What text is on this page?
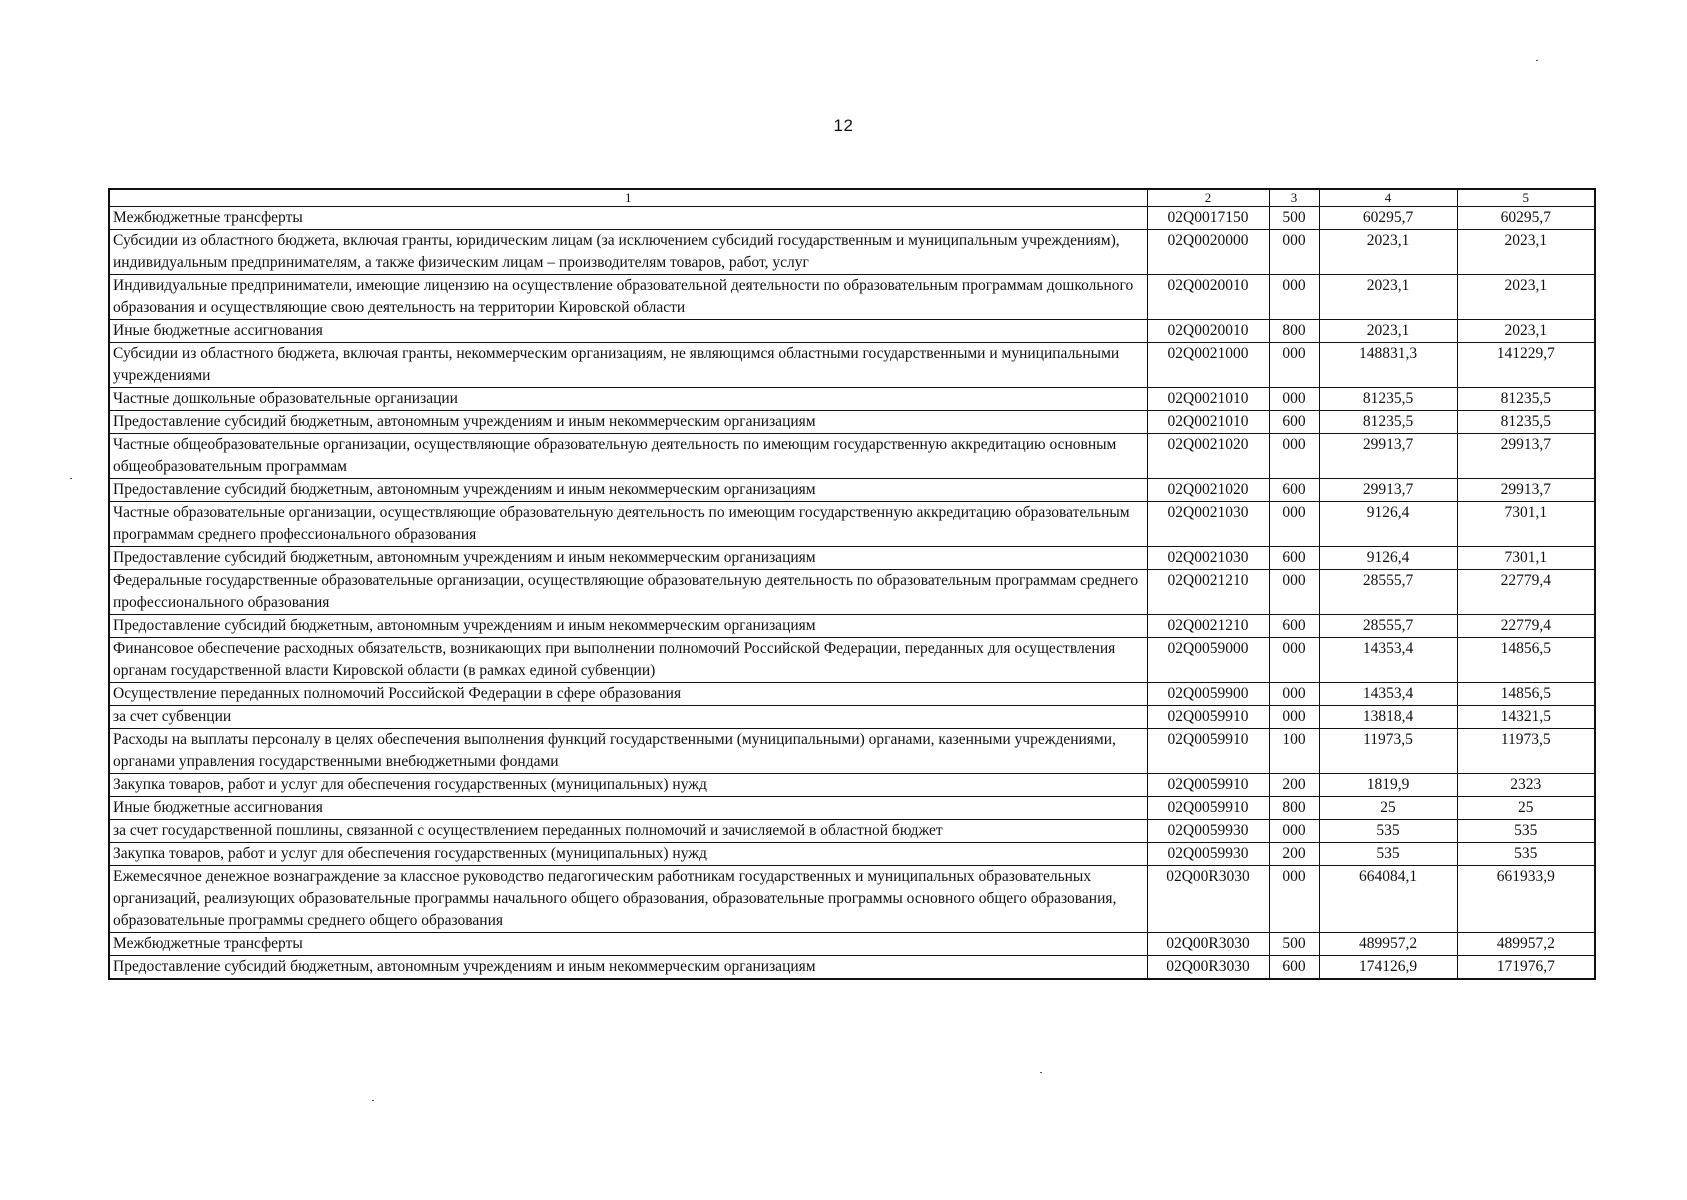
12
1	2	3	4	5
Межбюджетные трансферты	02Q0017150	500	60295,7	60295,7
Субсидии из областного бюджета, включая гранты, юридическим лицам (за исключением субсидий государственным и муниципальным учреждениям), индивидуальным предпринимателям, а также физическим лицам – производителям товаров, работ, услуг	02Q0020000	000	2023,1	2023,1
Индивидуальные предприниматели, имеющие лицензию на осуществление образовательной деятельности по образовательным программам дошкольного образования и осуществляющие свою деятельность на территории Кировской области	02Q0020010	000	2023,1	2023,1
Иные бюджетные ассигнования	02Q0020010	800	2023,1	2023,1
Субсидии из областного бюджета, включая гранты, некоммерческим организациям, не являющимся областными государственными и муниципальными учреждениями	02Q0021000	000	148831,3	141229,7
Частные дошкольные образовательные организации	02Q0021010	000	81235,5	81235,5
Предоставление субсидий бюджетным, автономным учреждениям и иным некоммерческим организациям	02Q0021010	600	81235,5	81235,5
Частные общеобразовательные организации, осуществляющие образовательную деятельность по имеющим государственную аккредитацию основным общеобразовательным программам	02Q0021020	000	29913,7	29913,7
Предоставление субсидий бюджетным, автономным учреждениям и иным некоммерческим организациям	02Q0021020	600	29913,7	29913,7
Частные образовательные организации, осуществляющие образовательную деятельность по имеющим государственную аккредитацию образовательным программам среднего профессионального образования	02Q0021030	000	9126,4	7301,1
Предоставление субсидий бюджетным, автономным учреждениям и иным некоммерческим организациям	02Q0021030	600	9126,4	7301,1
Федеральные государственные образовательные организации, осуществляющие образовательную деятельность по образовательным программам среднего профессионального образования	02Q0021210	000	28555,7	22779,4
Предоставление субсидий бюджетным, автономным учреждениям и иным некоммерческим организациям	02Q0021210	600	28555,7	22779,4
Финансовое обеспечение расходных обязательств, возникающих при выполнении полномочий Российской Федерации, переданных для осуществления органам государственной власти Кировской области (в рамках единой субвенции)	02Q0059000	000	14353,4	14856,5
Осуществление переданных полномочий Российской Федерации в сфере образования	02Q0059900	000	14353,4	14856,5
за счет субвенции	02Q0059910	000	13818,4	14321,5
Расходы на выплаты персоналу в целях обеспечения выполнения функций государственными (муниципальными) органами, казенными учреждениями, органами управления государственными внебюджетными фондами	02Q0059910	100	11973,5	11973,5
Закупка товаров, работ и услуг для обеспечения государственных (муниципальных) нужд	02Q0059910	200	1819,9	2323
Иные бюджетные ассигнования	02Q0059910	800	25	25
за счет государственной пошлины, связанной с осуществлением переданных полномочий и зачисляемой в областной бюджет	02Q0059930	000	535	535
Закупка товаров, работ и услуг для обеспечения государственных (муниципальных) нужд	02Q0059930	200	535	535
Ежемесячное денежное вознаграждение за классное руководство педагогическим работникам государственных и муниципальных образовательных организаций, реализующих образовательные программы начального общего образования, образовательные программы основного общего образования, образовательные программы среднего общего образования	02Q00R3030	000	664084,1	661933,9
Межбюджетные трансферты	02Q00R3030	500	489957,2	489957,2
Предоставление субсидий бюджетным, автономным учреждениям и иным некоммерческим организациям	02Q00R3030	600	174126,9	171976,7
